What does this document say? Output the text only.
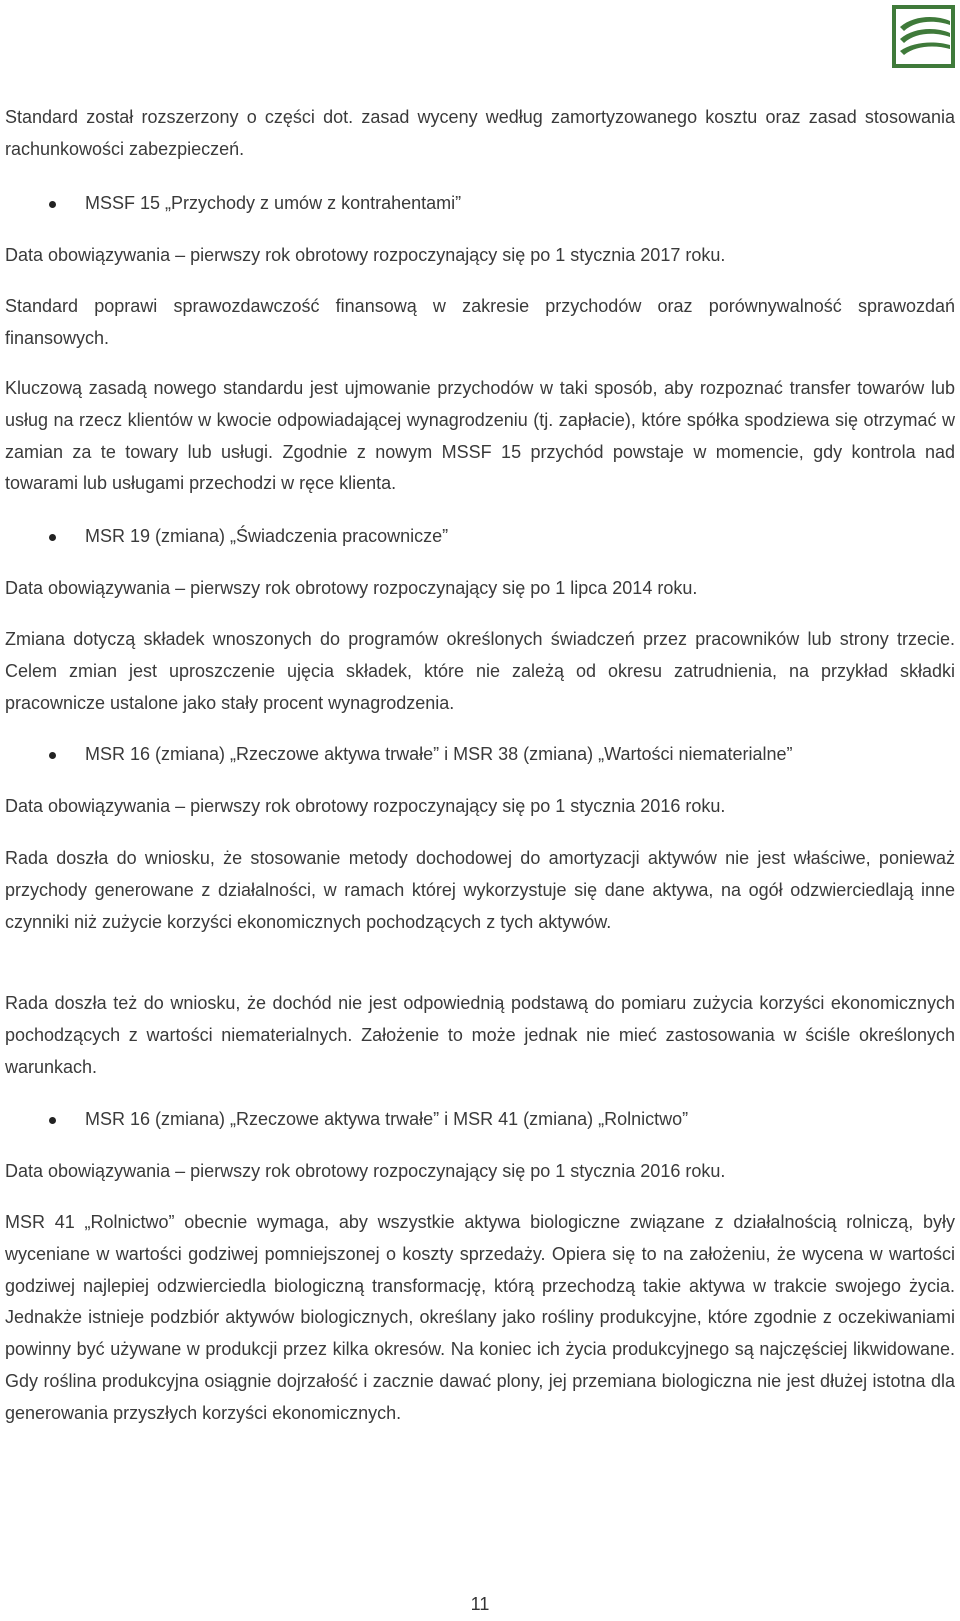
Standard został rozszerzony o części dot. zasad wyceny według zamortyzowanego kosztu oraz zasad stosowania rachunkowości zabezpieczeń.
MSSF 15 „Przychody z umów z kontrahentami”
Data obowiązywania – pierwszy rok obrotowy rozpoczynający się po 1 stycznia 2017 roku.
Standard poprawi sprawozdawczość finansową w zakresie przychodów oraz porównywalność sprawozdań finansowych.
Kluczową zasadą nowego standardu jest ujmowanie przychodów w taki sposób, aby rozpoznać transfer towarów lub usług na rzecz klientów w kwocie odpowiadającej wynagrodzeniu (tj. zapłacie), które spółka spodziewa się otrzymać w zamian za te towary lub usługi. Zgodnie z nowym MSSF 15 przychód powstaje w momencie, gdy kontrola nad towarami lub usługami przechodzi w ręce klienta.
MSR 19 (zmiana) „Świadczenia pracownicze”
Data obowiązywania – pierwszy rok obrotowy rozpoczynający się po 1 lipca 2014 roku.
Zmiana dotyczą składek wnoszonych do programów określonych świadczeń przez pracowników lub strony trzecie. Celem zmian jest uproszczenie ujęcia składek, które nie zależą od okresu zatrudnienia, na przykład składki pracownicze ustalone jako stały procent wynagrodzenia.
MSR 16 (zmiana) „Rzeczowe aktywa trwałe” i MSR 38 (zmiana) „Wartości niematerialne”
Data obowiązywania – pierwszy rok obrotowy rozpoczynający się po 1 stycznia 2016 roku.
Rada doszła do wniosku, że stosowanie metody dochodowej do amortyzacji aktywów nie jest właściwe, ponieważ przychody generowane z działalności, w ramach której wykorzystuje się dane aktywa, na ogół odzwierciedlają inne czynniki niż zużycie korzyści ekonomicznych pochodzących z tych aktywów.
Rada doszła też do wniosku, że dochód nie jest odpowiednią podstawą do pomiaru zużycia korzyści ekonomicznych pochodzących z wartości niematerialnych. Założenie to może jednak nie mieć zastosowania w ściśle określonych warunkach.
MSR 16 (zmiana) „Rzeczowe aktywa trwałe” i MSR 41 (zmiana) „Rolnictwo”
Data obowiązywania – pierwszy rok obrotowy rozpoczynający się po 1 stycznia 2016 roku.
MSR 41 „Rolnictwo” obecnie wymaga, aby wszystkie aktywa biologiczne związane z działalnością rolniczą, były wyceniane w wartości godziwej pomniejszonej o koszty sprzedaży. Opiera się to na założeniu, że wycena w wartości godziwej najlepiej odzwierciedla biologiczną transformację, którą przechodzą takie aktywa w trakcie swojego życia. Jednakże istnieje podzbiór aktywów biologicznych, określany jako rośliny produkcyjne, które zgodnie z oczekiwaniami powinny być używane w produkcji przez kilka okresów. Na koniec ich życia produkcyjnego są najczęściej likwidowane. Gdy roślina produkcyjna osiągnie dojrzałość i zacznie dawać plony, jej przemiana biologiczna nie jest dłużej istotna dla generowania przyszłych korzyści ekonomicznych.
11
